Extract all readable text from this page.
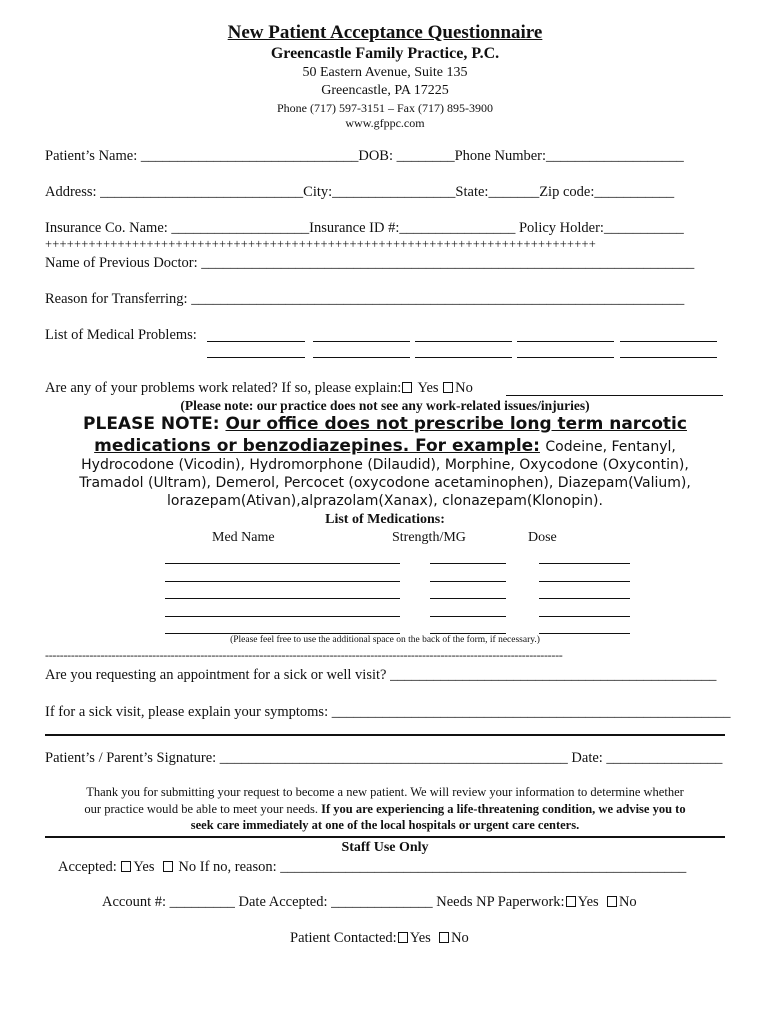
New Patient Acceptance Questionnaire
Greencastle Family Practice, P.C.
50 Eastern Avenue, Suite 135
Greencastle, PA 17225
Phone (717) 597-3151 – Fax (717) 895-3900
www.gfppc.com
Patient’s Name: ______________________________DOB: ________Phone Number:___________________
Address: ____________________________City:_________________State:_______Zip code:___________
Insurance Co. Name: ___________________Insurance ID #:________________ Policy Holder:___________
++++++++++++++++++++++++++++++++++++++++++++++++++++++++++++++++++++++++++++
Name of Previous Doctor: ____________________________________________________________________
Reason for Transferring: ____________________________________________________________________
List of Medical Problems:
Are any of your problems work related? If so, please explain: Yes No
(Please note: our practice does not see any work-related issues/injuries)
PLEASE NOTE: Our office does not prescribe long term narcotic
medications or benzodiazepines. For example: Codeine, Fentanyl,
Hydrocodone (Vicodin), Hydromorphone (Dilaudid), Morphine, Oxycodone (Oxycontin),
Tramadol (Ultram), Demerol, Percocet (oxycodone acetaminophen), Diazepam(Valium),
lorazepam(Ativan),alprazolam(Xanax), clonazepam(Klonopin).
List of Medications:
Med Name	Strength/MG	Dose
(Please feel free to use the additional space on the back of the form, if necessary.)
--------------------------------------------------------------------------------------------------------------------------------------------
Are you requesting an appointment for a sick or well visit? _____________________________________________
If for a sick visit, please explain your symptoms: _______________________________________________________
Patient’s / Parent’s Signature: ________________________________________________ Date: ________________
Thank you for submitting your request to become a new patient. We will review your information to determine whether
our practice would be able to meet your needs. If you are experiencing a life-threatening condition, we advise you to
seek care immediately at one of the local hospitals or urgent care centers.
Staff Use Only
Accepted: Yes No If no, reason: ________________________________________________________
Account #: _________ Date Accepted: ______________ Needs NP Paperwork: Yes No
Patient Contacted: Yes No
